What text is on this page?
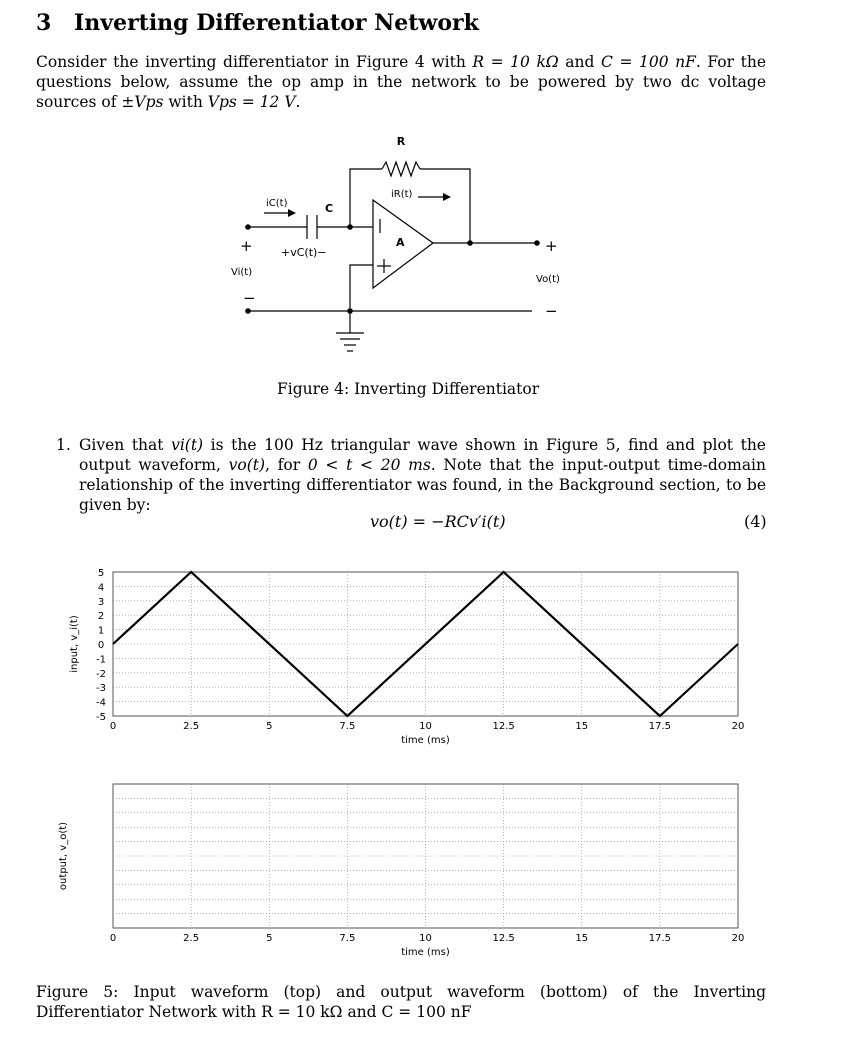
3 Inverting Differentiator Network
Consider the inverting differentiator in Figure 4 with R = 10 kΩ and C = 100 nF. For the questions below, assume the op amp in the network to be powered by two dc voltage sources of ±Vps with Vps = 12 V.
R
C
A
iR(t)
iC(t)
+vC(t)−
Vi(t)
Vo(t)
+
−
+
−
Figure 4: Inverting Differentiator
1. Given that vi(t) is the 100 Hz triangular wave shown in Figure 5, find and plot the output waveform, vo(t), for 0 < t < 20 ms. Note that the input-output time-domain relationship of the inverting differentiator was found, in the Background section, to be given by:
vo(t) = −RCv′i(t)	(4)
0	2.5	5	7.5	10	12.5	15	17.5	20
time (ms)
input, v_i(t)
5
4
3
2
1
0
-1
-2
-3
-4
-5
0	2.5	5	7.5	10	12.5	15	17.5	20
time (ms)
output, v_o(t)
Figure 5: Input waveform (top) and output waveform (bottom) of the Inverting Differentiator Network with R = 10 kΩ and C = 100 nF
